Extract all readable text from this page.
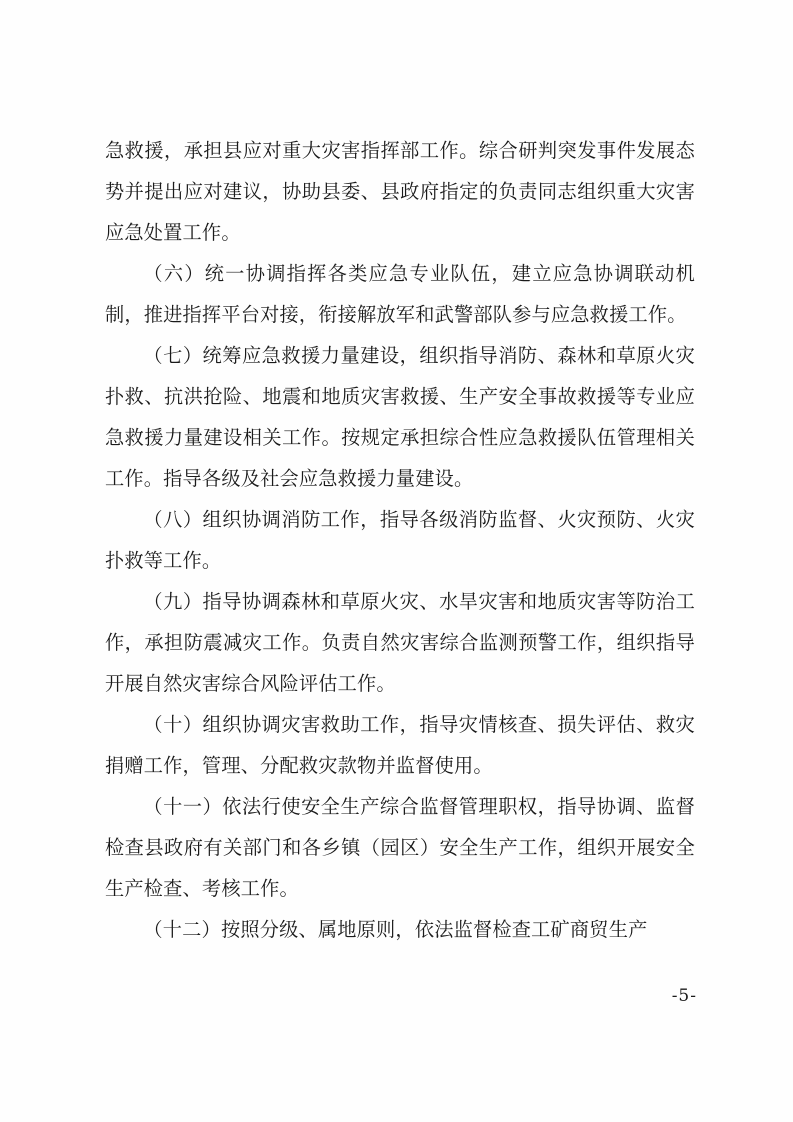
急救援，承担县应对重大灾害指挥部工作。综合研判突发事件发展态势并提出应对建议，协助县委、县政府指定的负责同志组织重大灾害应急处置工作。

（六）统一协调指挥各类应急专业队伍，建立应急协调联动机制，推进指挥平台对接，衔接解放军和武警部队参与应急救援工作。

（七）统筹应急救援力量建设，组织指导消防、森林和草原火灾扑救、抗洪抢险、地震和地质灾害救援、生产安全事故救援等专业应急救援力量建设相关工作。按规定承担综合性应急救援队伍管理相关工作。指导各级及社会应急救援力量建设。

（八）组织协调消防工作，指导各级消防监督、火灾预防、火灾扑救等工作。

（九）指导协调森林和草原火灾、水旱灾害和地质灾害等防治工作，承担防震减灾工作。负责自然灾害综合监测预警工作，组织指导开展自然灾害综合风险评估工作。

（十）组织协调灾害救助工作，指导灾情核查、损失评估、救灾捐赠工作，管理、分配救灾款物并监督使用。

（十一）依法行使安全生产综合监督管理职权，指导协调、监督检查县政府有关部门和各乡镇（园区）安全生产工作，组织开展安全生产检查、考核工作。

（十二）按照分级、属地原则，依法监督检查工矿商贸生产

-5-
